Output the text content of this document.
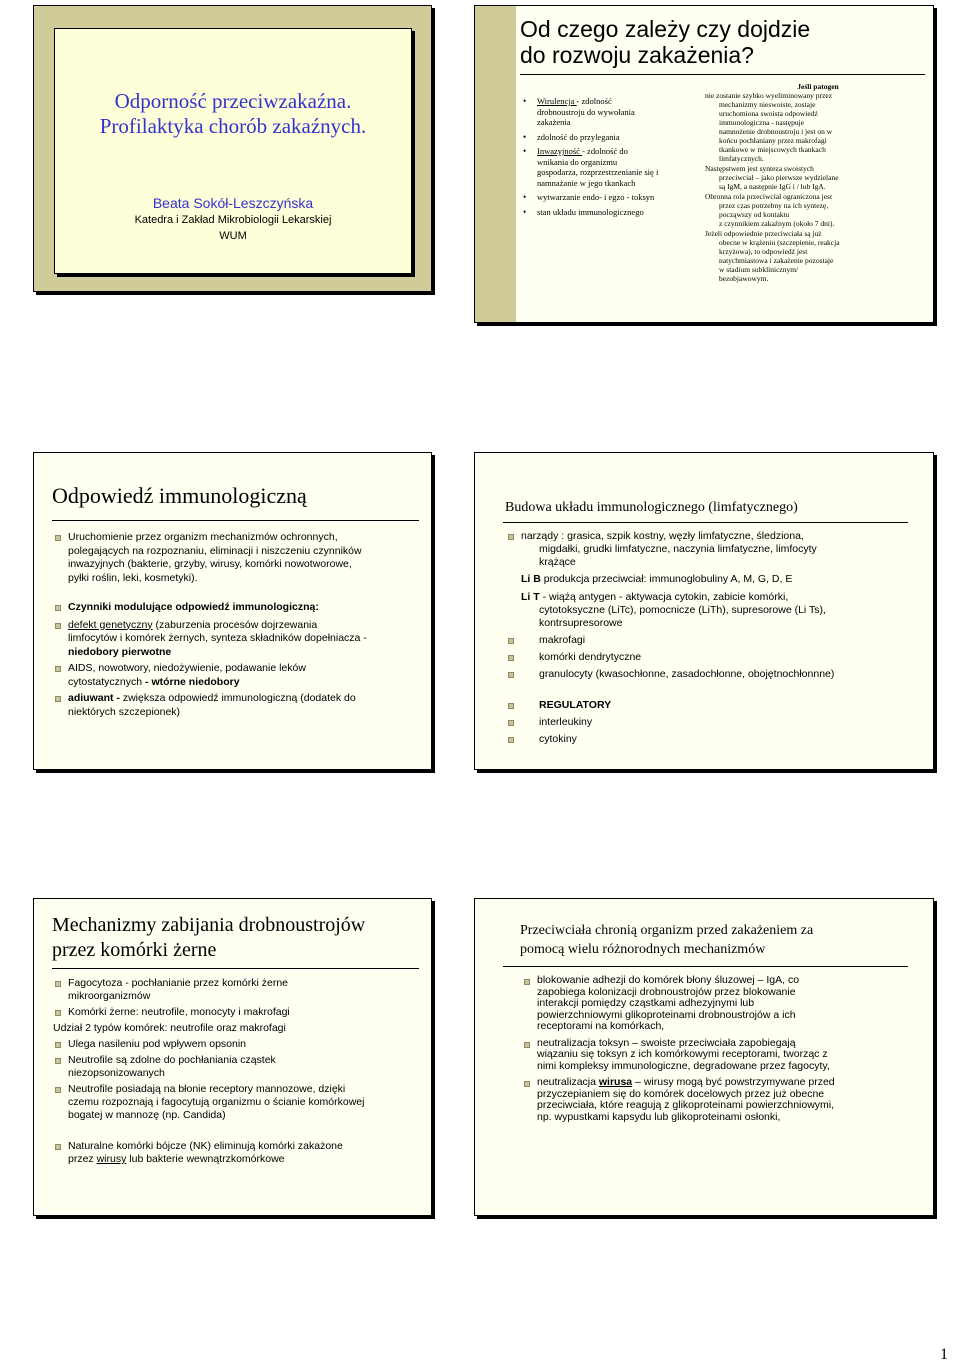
Odporność przeciwzakaźna.
Profilaktyka chorób zakaźnych.
Beata Sokół-Leszczyńska
Katedra i Zakład Mikrobiologii Lekarskiej
WUM
Od czego zależy czy dojdzie
do rozwoju zakażenia?
• Wirulencja - zdolność
drobnoustroju do wywołania
zakażenia
• zdolność do przylegania
• Inwazyjność - zdolność do
wnikania do organizmu
gospodarza, rozprzestrzenianie się i
namnażanie w jego tkankach
• wytwarzanie endo- i egzo - toksyn
• stan układu immunologicznego
Jeśli patogen
nie zostanie szybko wyeliminowany przez
mechanizmy nieswoiste, zostaje
uruchomiona swoista odpowiedź
immunologiczna - następuje
namnożenie drobnoustroju i jest on w
końcu pochłaniany przez makrofagi
tkankowe w miejscowych tkankach
limfatycznych.
Następstwem jest synteza swoistych
przeciwciał – jako pierwsze wydzielane
są IgM, a następnie IgG i / lub IgA.
Obronna rola przeciwciał ograniczona jest
przez czas potrzebny na ich syntezę,
począwszy od kontaktu
z czynnikiem zakaźnym (około 7 dni).
Jeżeli odpowiednie przeciwciała są już
obecne w krążeniu (szczepienie, reakcja
krzyżowa), to odpowiedź jest
natychmiastowa i zakażenie pozostaje
w stadium subklinicznym/
bezobjawowym.
Odpowiedź immunologiczną
Uruchomienie przez organizm mechanizmów ochronnych,
polegających na rozpoznaniu, eliminacji i niszczeniu czynników
inwazyjnych (bakterie, grzyby, wirusy, komórki nowotworowe,
pyłki roślin, leki, kosmetyki).
Czynniki modulujące odpowiedź immunologiczną:
defekt genetyczny (zaburzenia procesów dojrzewania
limfocytów i komórek żernych, synteza składników dopełniacza -
niedobory pierwotne
AIDS, nowotwory, niedożywienie, podawanie leków
cytostatycznych - wtórne niedobory
adiuwant - zwiększa odpowiedź immunologiczną (dodatek do
niektórych szczepionek)
Budowa układu immunologicznego (limfatycznego)
narządy : grasica, szpik kostny, węzły limfatyczne, śledziona,
migdałki, grudki limfatyczne, naczynia limfatyczne, limfocyty
krążące
Li B produkcja przeciwciał: immunoglobuliny A, M, G, D, E
Li T - wiążą antygen - aktywacja cytokin, zabicie komórki,
cytotoksyczne (LiTc), pomocnicze (LiTh), supresorowe (Li Ts),
kontrsupresorowe
makrofagi
komórki dendrytyczne
granulocyty (kwasochłonne, zasadochłonne, obojętnochłonnne)
REGULATORY
interleukiny
cytokiny
Mechanizmy zabijania drobnoustrojów
przez komórki żerne
Fagocytoza - pochłanianie przez komórki żerne
mikroorganizmów
Komórki żerne: neutrofile, monocyty i makrofagi
Udział 2 typów komórek: neutrofile oraz makrofagi
Ulega nasileniu pod wpływem opsonin
Neutrofile są zdolne do pochłaniania cząstek
niezopsonizowanych
Neutrofile posiadają na błonie receptory mannozowe, dzięki
czemu rozpoznają i fagocytują organizmu o ścianie komórkowej
bogatej w mannozę (np. Candida)
Naturalne komórki bójcze (NK) eliminują komórki zakażone
przez wirusy lub bakterie wewnątrzkomórkowe
Przeciwciała chronią organizm przed zakażeniem za
pomocą wielu różnorodnych mechanizmów
blokowanie adhezji do komórek błony śluzowej – IgA, co
zapobiega kolonizacji drobnoustrojów przez blokowanie
interakcji pomiędzy cząstkami adhezyjnymi lub
powierzchniowymi glikoproteinami drobnoustrojów a ich
receptorami na komórkach,
neutralizacja toksyn – swoiste przeciwciała zapobiegają
wiązaniu się toksyn z ich komórkowymi receptorami, tworząc z
nimi kompleksy immunologiczne, degradowane przez fagocyty,
neutralizacja wirusa – wirusy mogą być powstrzymywane przed
przyczepianiem się do komórek docelowych przez już obecne
przeciwciała, które reagują z glikoproteinami powierzchniowymi,
np. wypustkami kapsydu lub glikoproteinami osłonki,
1
